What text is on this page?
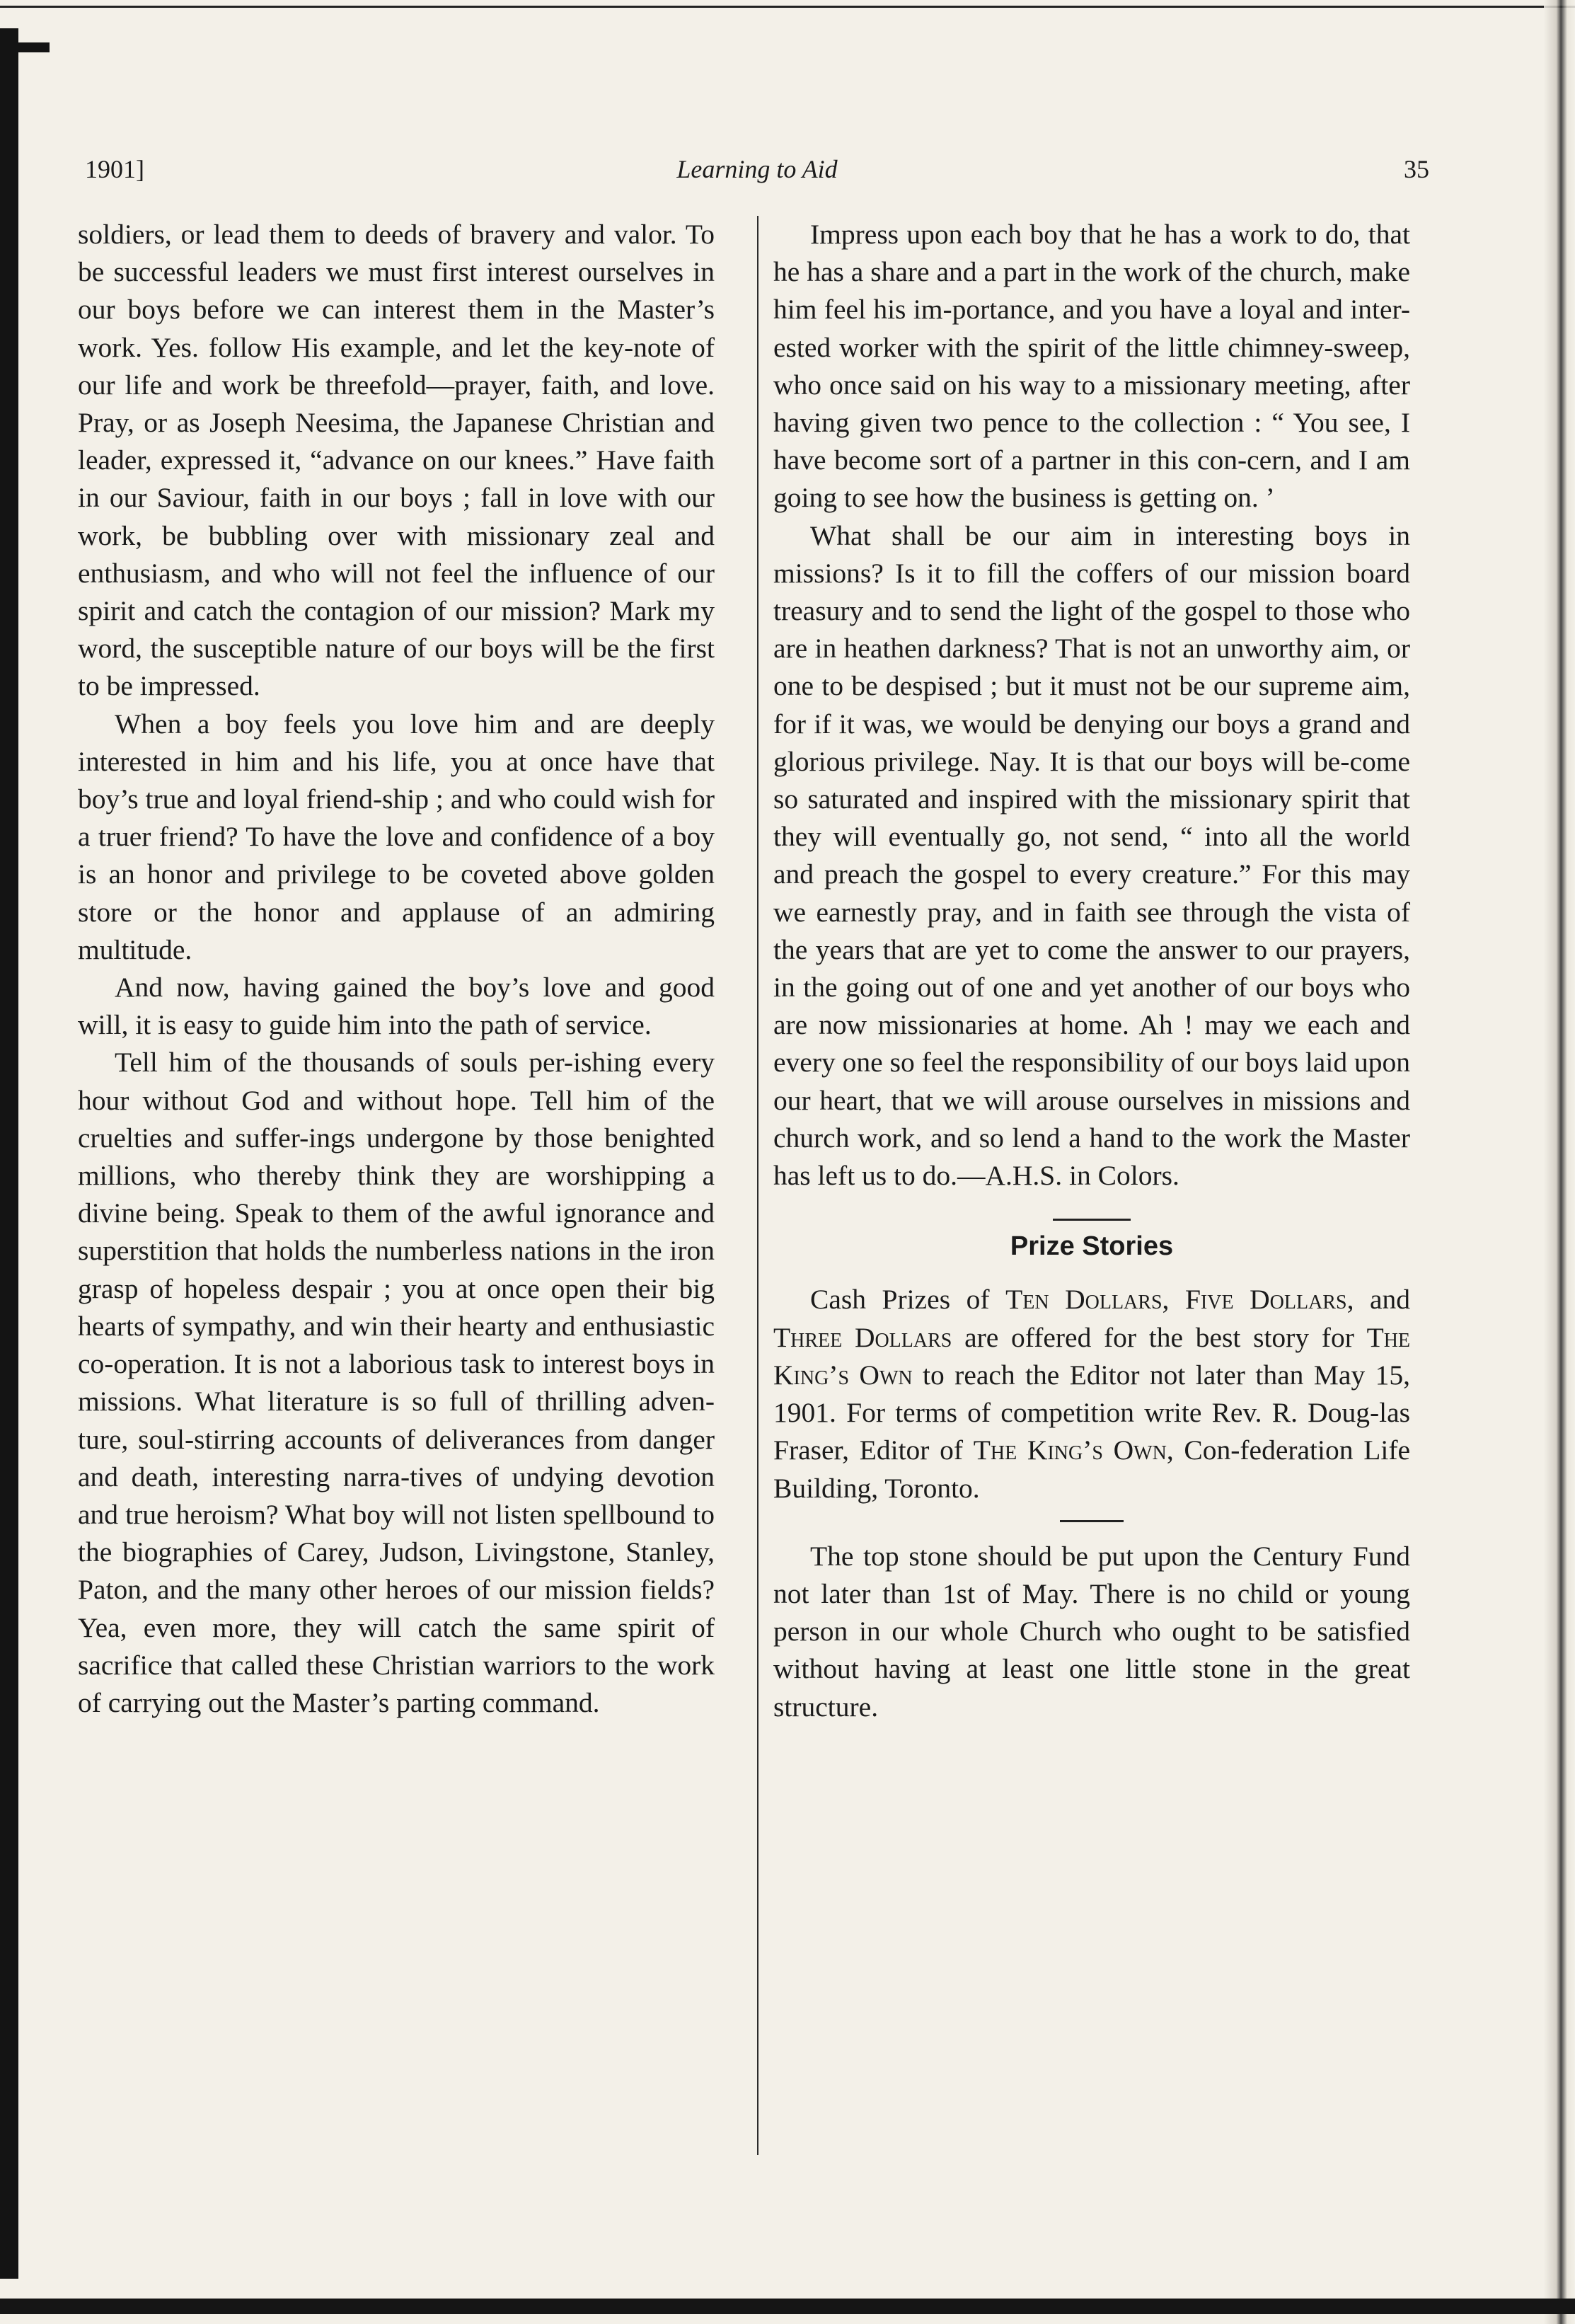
1901]	Learning to Aid	35

soldiers, or lead them to deeds of bravery and valor. To be successful leaders we must first interest ourselves in our boys before we can interest them in the Master’s work. Yes. follow His example, and let the key-note of our life and work be threefold—prayer, faith, and love. Pray, or as Joseph Neesima, the Japanese Christian and leader, expressed it, “advance on our knees.” Have faith in our Saviour, faith in our boys ; fall in love with our work, be bubbling over with missionary zeal and enthusiasm, and who will not feel the influence of our spirit and catch the contagion of our mission? Mark my word, the susceptible nature of our boys will be the first to be impressed.

When a boy feels you love him and are deeply interested in him and his life, you at once have that boy’s true and loyal friend-ship ; and who could wish for a truer friend? To have the love and confidence of a boy is an honor and privilege to be coveted above golden store or the honor and applause of an admiring multitude.

And now, having gained the boy’s love and good will, it is easy to guide him into the path of service.

Tell him of the thousands of souls per-ishing every hour without God and without hope. Tell him of the cruelties and suffer-ings undergone by those benighted millions, who thereby think they are worshipping a divine being. Speak to them of the awful ignorance and superstition that holds the numberless nations in the iron grasp of hopeless despair ; you at once open their big hearts of sympathy, and win their hearty and enthusiastic co-operation. It is not a laborious task to interest boys in missions. What literature is so full of thrilling adven-ture, soul-stirring accounts of deliverances from danger and death, interesting narra-tives of undying devotion and true heroism? What boy will not listen spellbound to the biographies of Carey, Judson, Livingstone, Stanley, Paton, and the many other heroes of our mission fields? Yea, even more, they will catch the same spirit of sacrifice that called these Christian warriors to the work of carrying out the Master’s parting command.

Impress upon each boy that he has a work to do, that he has a share and a part in the work of the church, make him feel his im-portance, and you have a loyal and inter-ested worker with the spirit of the little chimney-sweep, who once said on his way to a missionary meeting, after having given two pence to the collection : “ You see, I have become sort of a partner in this con-cern, and I am going to see how the business is getting on. ’

What shall be our aim in interesting boys in missions? Is it to fill the coffers of our mission board treasury and to send the light of the gospel to those who are in heathen darkness? That is not an unworthy aim, or one to be despised ; but it must not be our supreme aim, for if it was, we would be denying our boys a grand and glorious privilege. Nay. It is that our boys will be-come so saturated and inspired with the missionary spirit that they will eventually go, not send, “ into all the world and preach the gospel to every creature.” For this may we earnestly pray, and in faith see through the vista of the years that are yet to come the answer to our prayers, in the going out of one and yet another of our boys who are now missionaries at home. Ah ! may we each and every one so feel the responsibility of our boys laid upon our heart, that we will arouse ourselves in missions and church work, and so lend a hand to the work the Master has left us to do.—A.H.S. in Colors.

Prize Stories

Cash Prizes of Ten Dollars, Five Dollars, and Three Dollars are offered for the best story for The King’s Own to reach the Editor not later than May 15, 1901. For terms of competition write Rev. R. Doug-las Fraser, Editor of The King’s Own, Con-federation Life Building, Toronto.

The top stone should be put upon the Century Fund not later than 1st of May. There is no child or young person in our whole Church who ought to be satisfied without having at least one little stone in the great structure.
